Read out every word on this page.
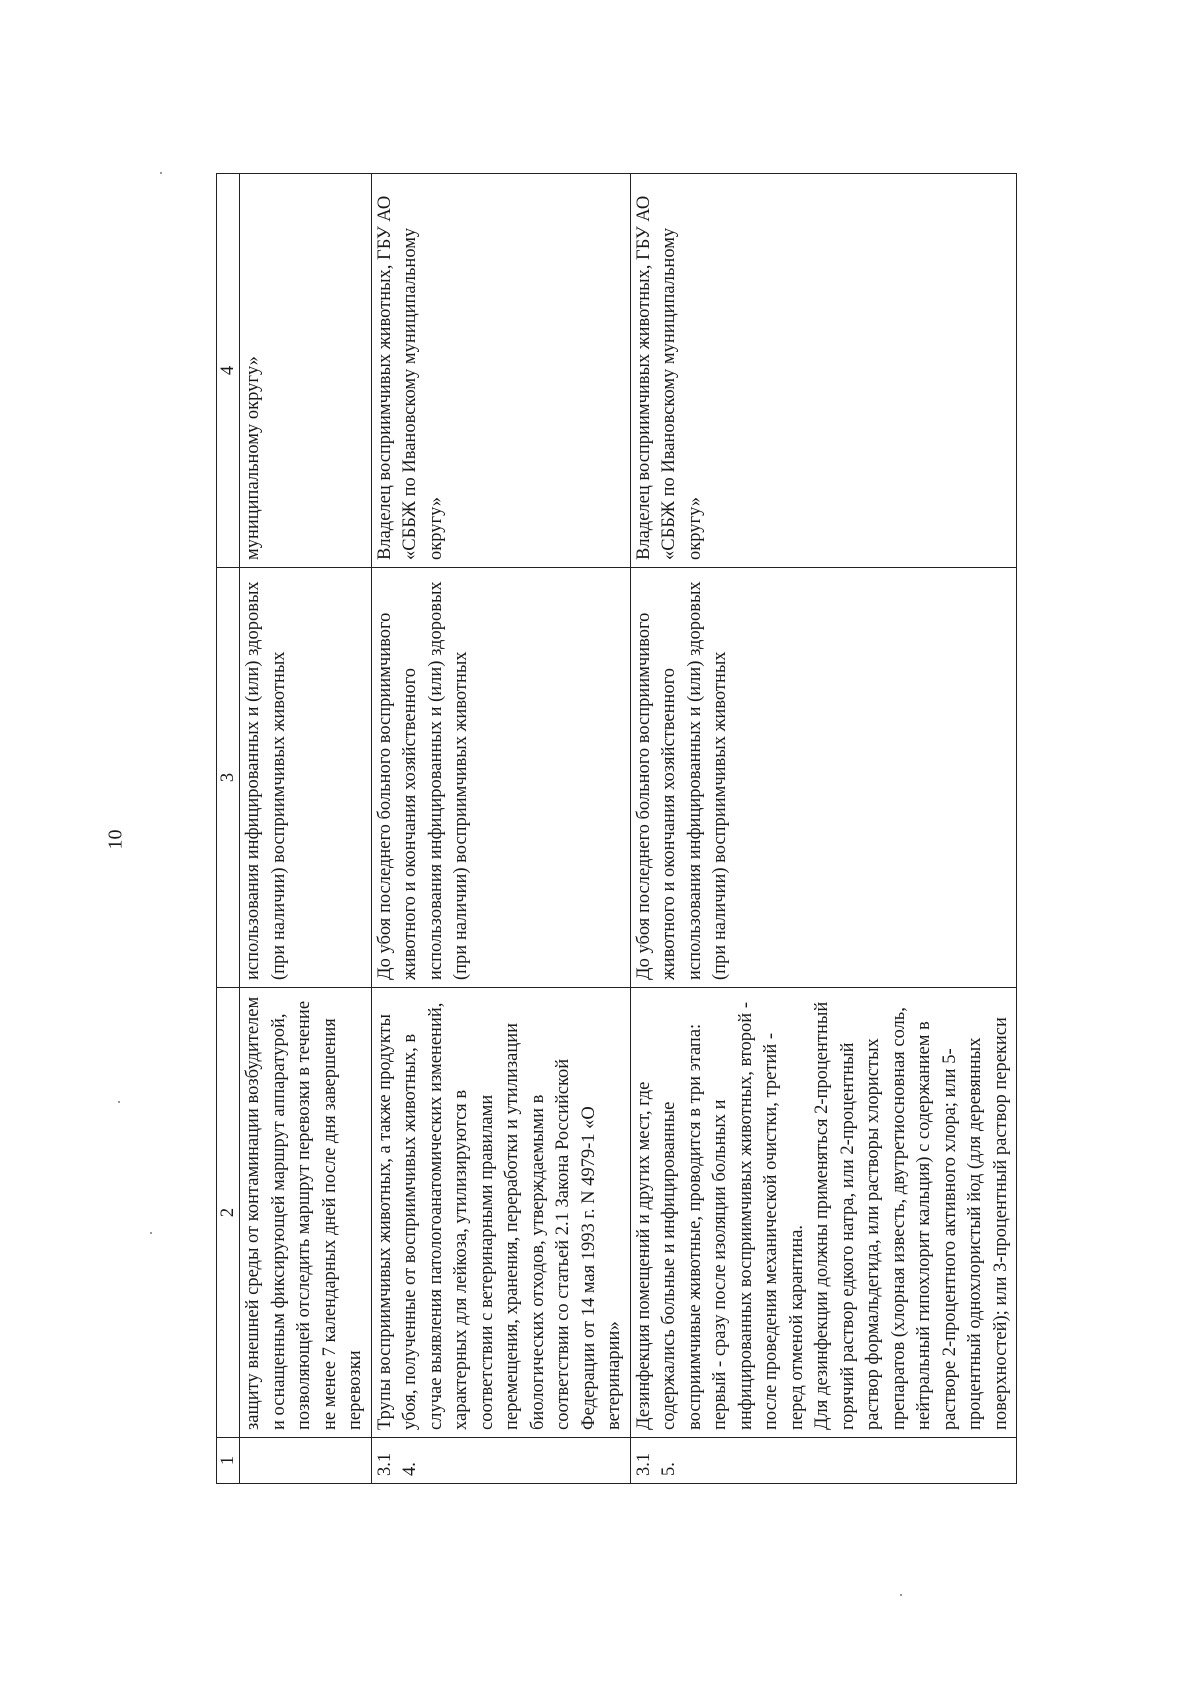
10
1	2	3	4

	защиту внешней среды от контаминации возбудителем и оснащенным фиксирующей маршрут аппаратурой, позволяющей отследить маршрут перевозки в течение не менее 7 календарных дней после дня завершения перевозки	использования инфицированных и (или) здоровых (при наличии) восприимчивых животных	муниципальному округу»
3.14.	Трупы восприимчивых животных, а также продукты убоя, полученные от восприимчивых животных, в случае выявления патологоанатомических изменений, характерных для лейкоза, утилизируются в соответствии с ветеринарными правилами перемещения, хранения, переработки и утилизации биологических отходов, утверждаемыми в соответствии со статьей 2.1 Закона Российской Федерации от 14 мая 1993 г. N 4979-1 «О ветеринарии»	До убоя последнего больного восприимчивого животного и окончания хозяйственного использования инфицированных и (или) здоровых (при наличии) восприимчивых животных	Владелец восприимчивых животных, ГБУ АО «СББЖ по Ивановскому муниципальному округу»
3.15.	Дезинфекция помещений и других мест, где содержались больные и инфицированные восприимчивые животные, проводится в три этапа: первый - сразу после изоляции больных и инфицированных восприимчивых животных, второй - после проведения механической очистки, третий - перед отменой карантина. Для дезинфекции должны применяться 2-процентный горячий раствор едкого натра, или 2-процентный раствор формальдегида, или растворы хлористых препаратов (хлорная известь, двутретиосновная соль, нейтральный гипохлорит кальция) с содержанием в растворе 2-процентного активного хлора; или 5-процентный однохлористый йод (для деревянных поверхностей); или 3-процентный раствор перекиси	До убоя последнего больного восприимчивого животного и окончания хозяйственного использования инфицированных и (или) здоровых (при наличии) восприимчивых животных	Владелец восприимчивых животных, ГБУ АО «СББЖ по Ивановскому муниципальному округу»
